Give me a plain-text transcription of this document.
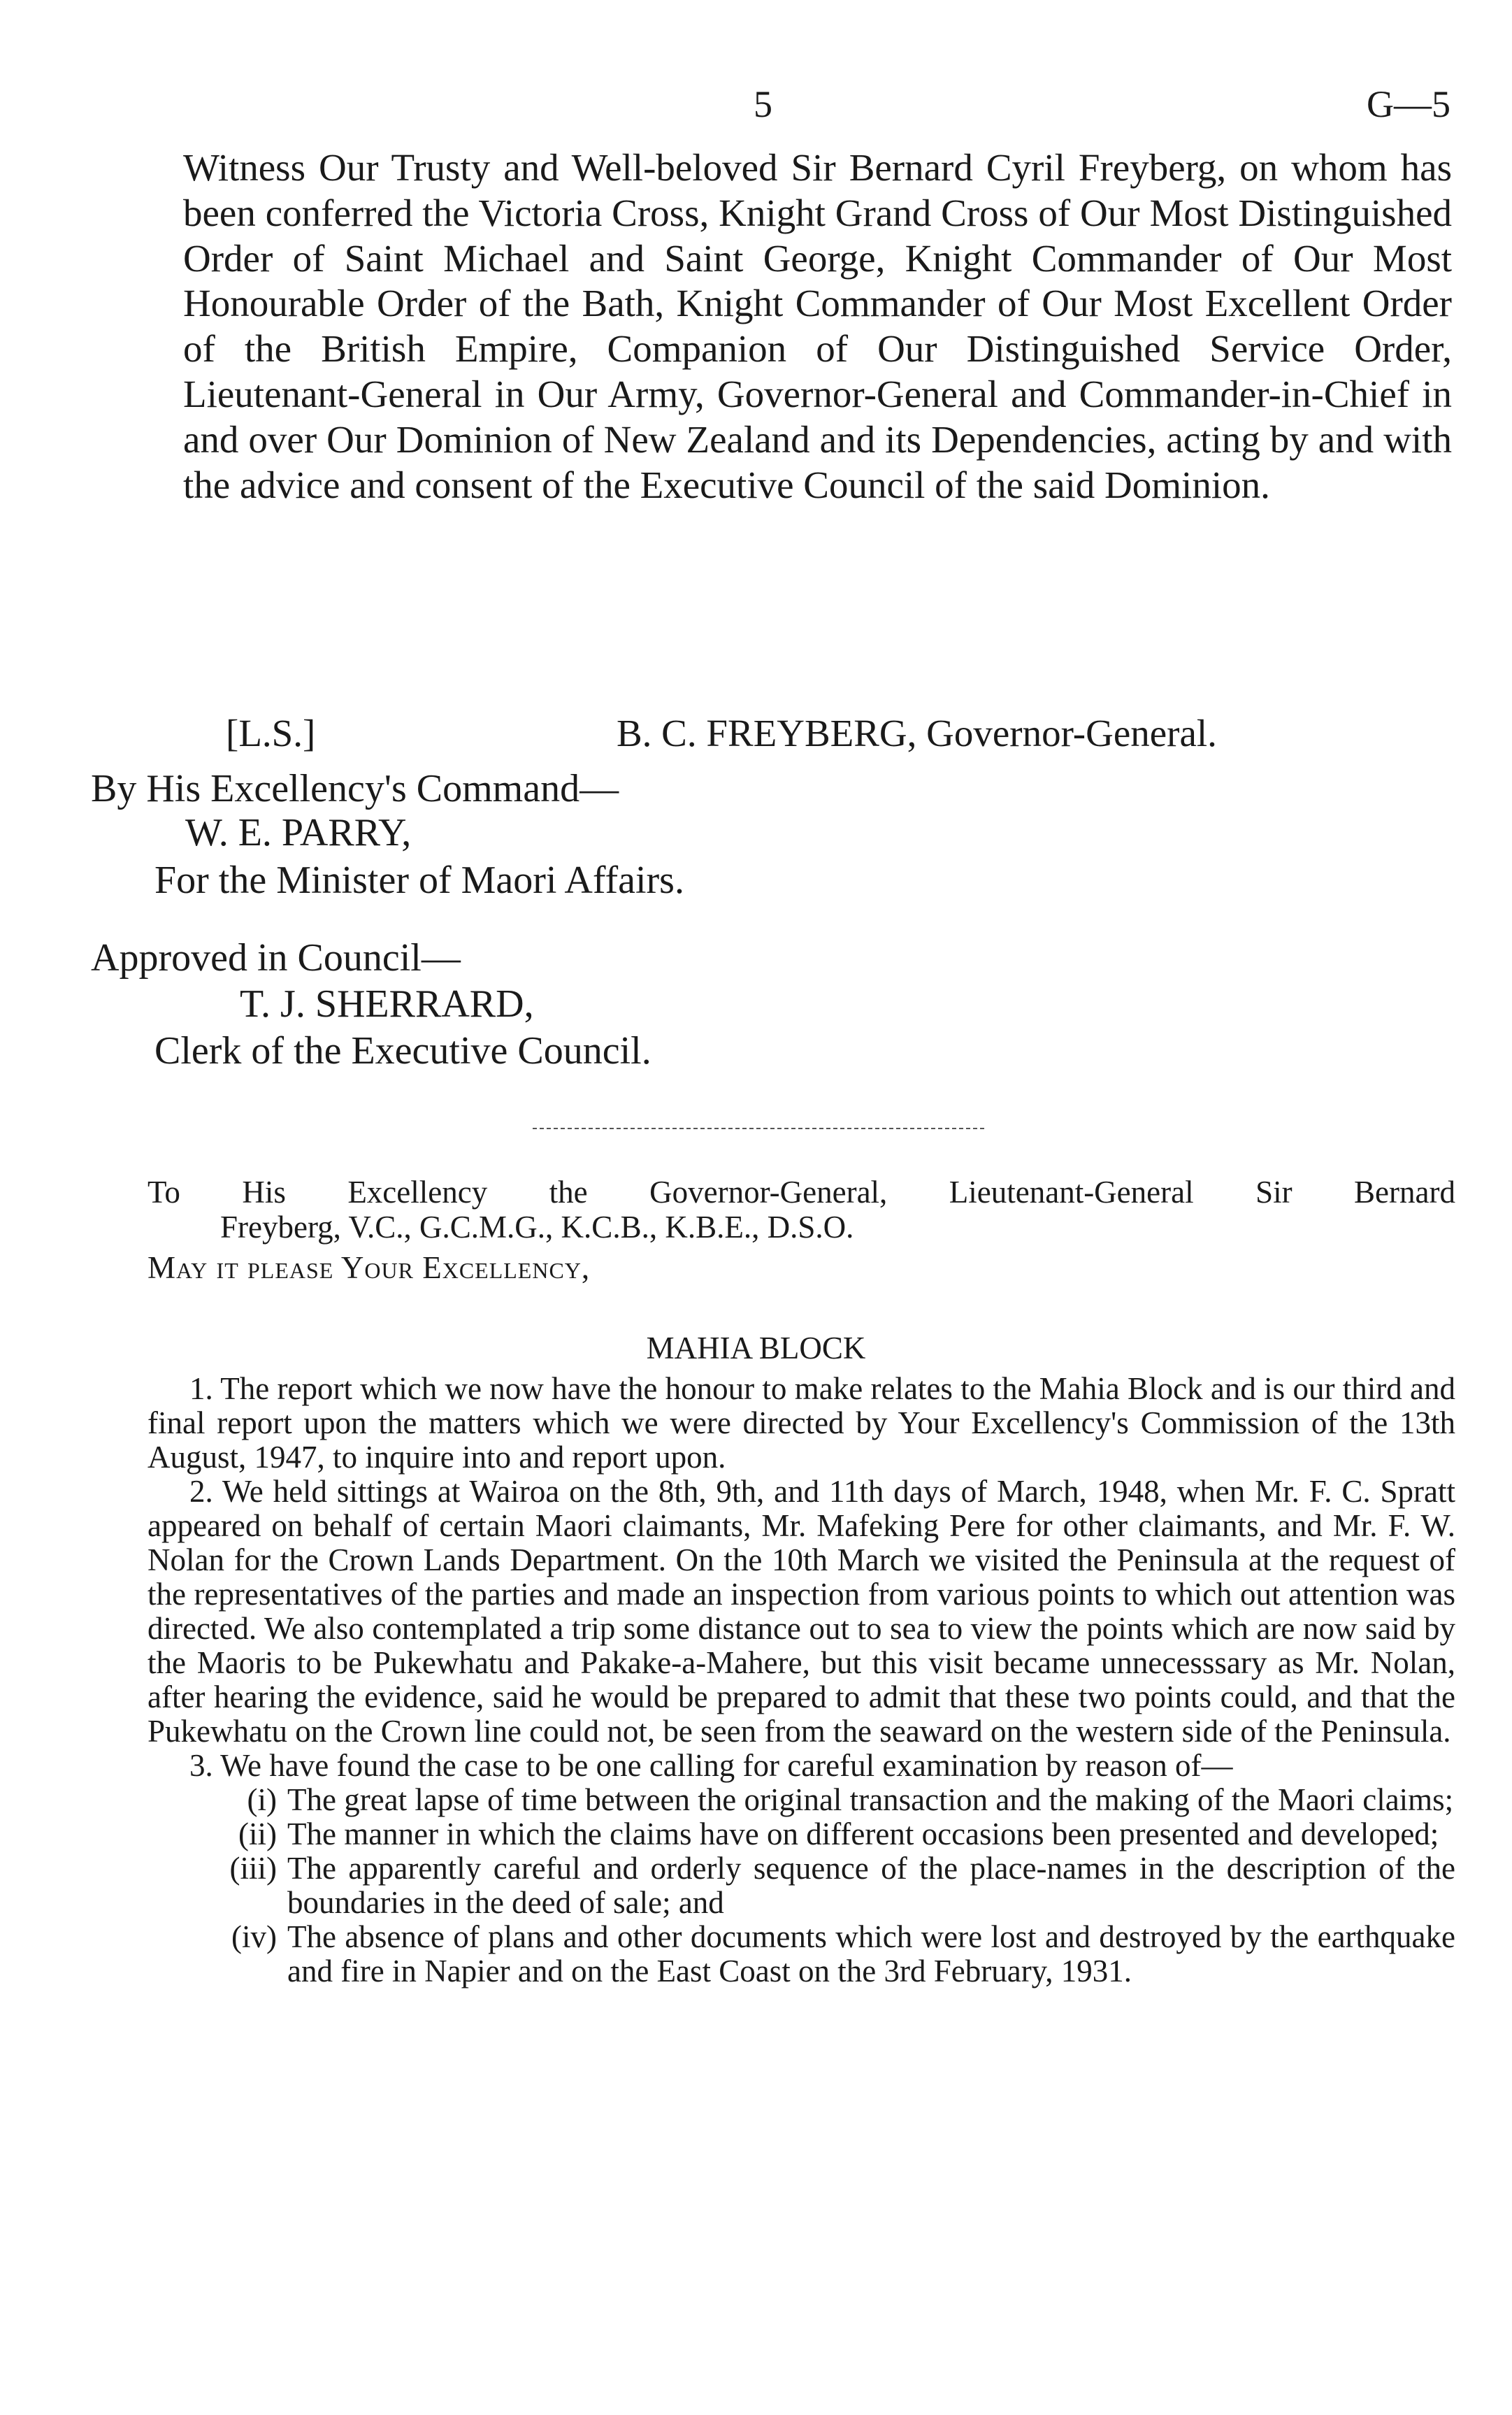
5	G—5

Witness Our Trusty and Well-beloved Sir Bernard Cyril Freyberg, on whom has been conferred the Victoria Cross, Knight Grand Cross of Our Most Distinguished Order of Saint Michael and Saint George, Knight Commander of Our Most Honourable Order of the Bath, Knight Commander of Our Most Excellent Order of the British Empire, Companion of Our Distinguished Service Order, Lieutenant-General in Our Army, Governor-General and Commander-in-Chief in and over Our Dominion of New Zealand and its Dependencies, acting by and with the advice and consent of the Executive Council of the said Dominion.

[L.S.]	B. C. FREYBERG, Governor-General.
By His Excellency's Command—
W. E. PARRY,
For the Minister of Maori Affairs.
Approved in Council—
T. J. SHERRARD,
Clerk of the Executive Council.
To His Excellency the Governor-General, Lieutenant-General Sir Bernard
Freyberg, V.C., G.C.M.G., K.C.B., K.B.E., D.S.O.
May it please Your Excellency,
MAHIA BLOCK

1. The report which we now have the honour to make relates to the Mahia Block and is our third and final report upon the matters which we were directed by Your Excellency's Commission of the 13th August, 1947, to inquire into and report upon.

2. We held sittings at Wairoa on the 8th, 9th, and 11th days of March, 1948, when Mr. F. C. Spratt appeared on behalf of certain Maori claimants, Mr. Mafeking Pere for other claimants, and Mr. F. W. Nolan for the Crown Lands Department. On the 10th March we visited the Peninsula at the request of the representatives of the parties and made an inspection from various points to which out attention was directed. We also contemplated a trip some distance out to sea to view the points which are now said by the Maoris to be Pukewhatu and Pakake-a-Mahere, but this visit became unnecesssary as Mr. Nolan, after hearing the evidence, said he would be prepared to admit that these two points could, and that the Pukewhatu on the Crown line could not, be seen from the seaward on the western side of the Peninsula.

3. We have found the case to be one calling for careful examination by reason of—

(i) The great lapse of time between the original transaction and the making of the Maori claims;
(ii) The manner in which the claims have on different occasions been presented and developed;
(iii) The apparently careful and orderly sequence of the place-names in the description of the boundaries in the deed of sale; and
(iv) The absence of plans and other documents which were lost and destroyed by the earthquake and fire in Napier and on the East Coast on the 3rd February, 1931.
